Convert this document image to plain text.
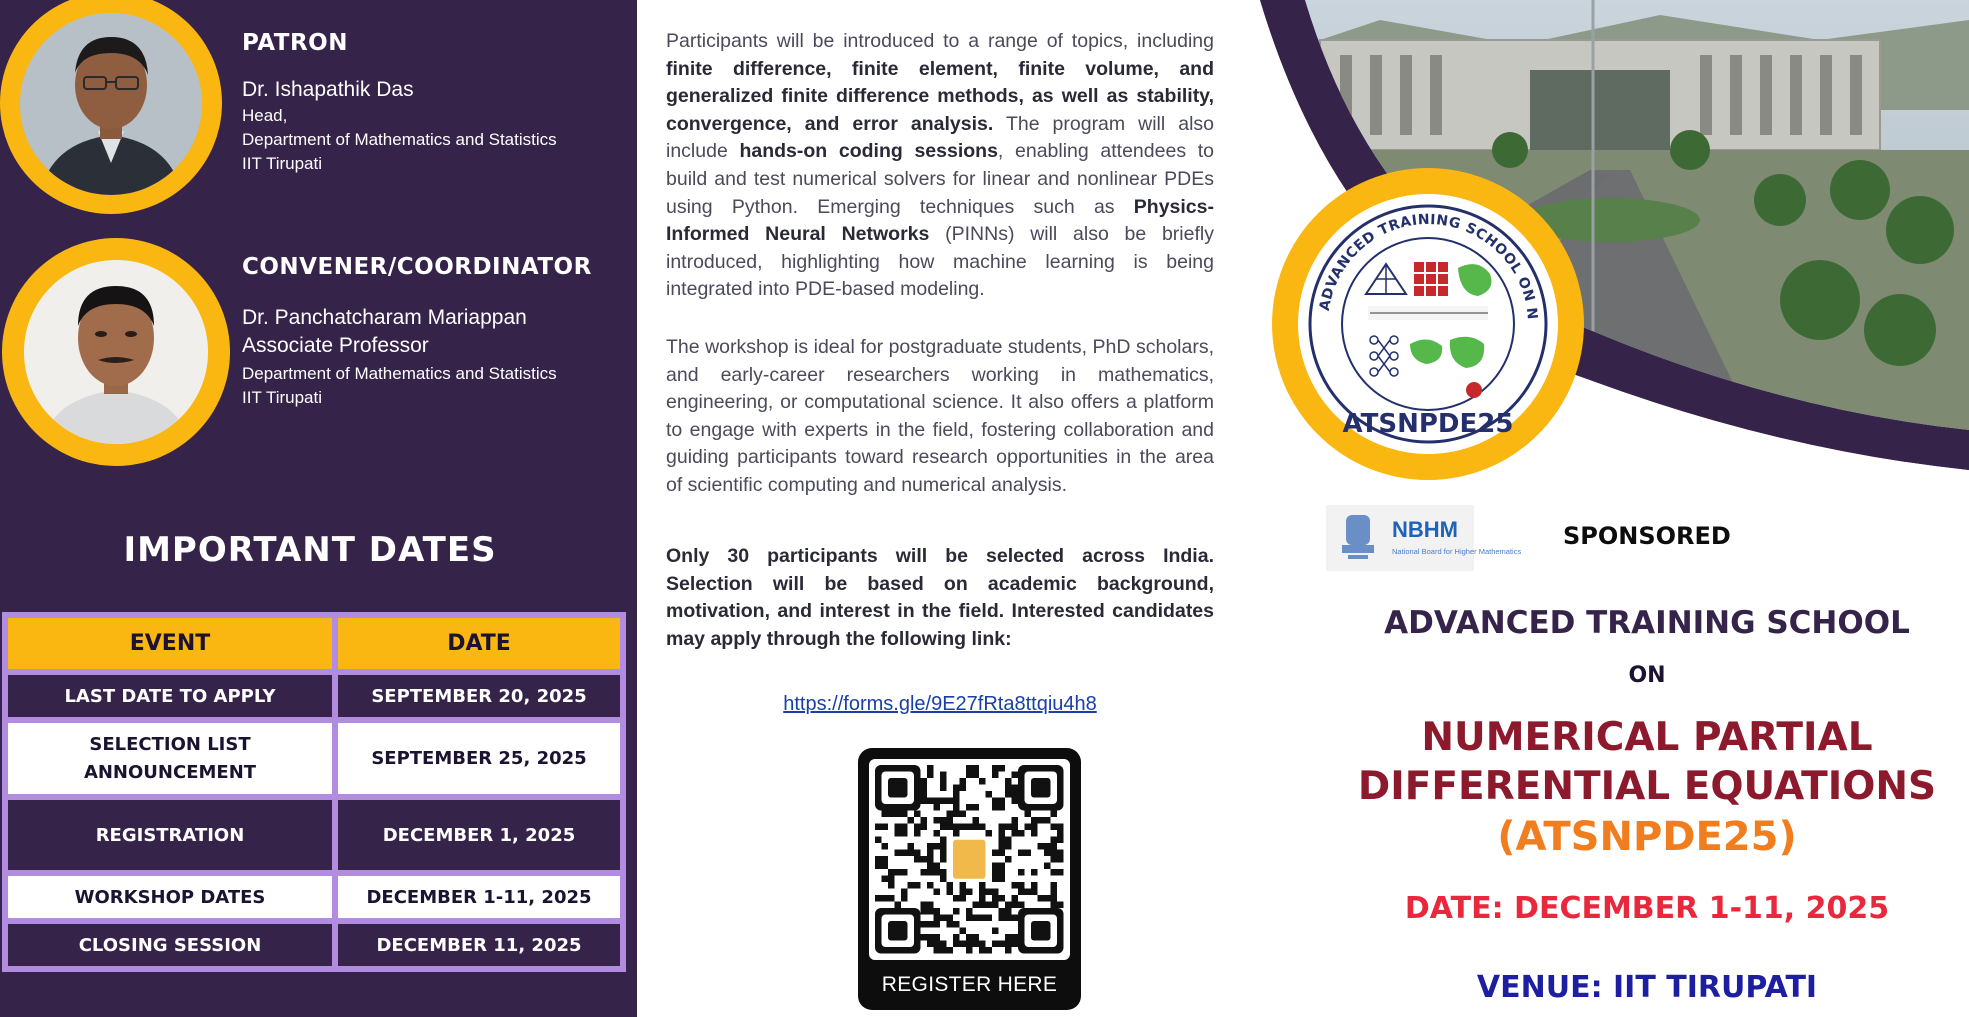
PATRON
Dr. Ishapathik Das
Head,
Department of Mathematics and Statistics
IIT Tirupati
CONVENER/COORDINATOR
Dr. Panchatcharam Mariappan
Associate Professor
Department of Mathematics and Statistics
IIT Tirupati
IMPORTANT DATES
EVENT	DATE
LAST DATE TO APPLY	SEPTEMBER 20, 2025
SELECTION LIST ANNOUNCEMENT	SEPTEMBER 25, 2025
REGISTRATION	DECEMBER 1, 2025
WORKSHOP DATES	DECEMBER 1-11, 2025
CLOSING SESSION	DECEMBER 11, 2025
Participants will be introduced to a range of topics, including finite difference, finite element, finite volume, and generalized finite difference methods, as well as stability, convergence, and error analysis. The program will also include hands-on coding sessions, enabling attendees to build and test numerical solvers for linear and nonlinear PDEs using Python. Emerging techniques such as Physics-Informed Neural Networks (PINNs) will also be briefly introduced, highlighting how machine learning is being integrated into PDE-based modeling.
The workshop is ideal for postgraduate students, PhD scholars, and early-career researchers working in mathematics, engineering, or computational science. It also offers a platform to engage with experts in the field, fostering collaboration and guiding participants toward research opportunities in the area of scientific computing and numerical analysis.
Only 30 participants will be selected across India. Selection will be based on academic background, motivation, and interest in the field. Interested candidates may apply through the following link:
https://forms.gle/9E27fRta8ttqiu4h8
REGISTER HERE
ADVANCED TRAINING SCHOOL ON N
ATSNPDE25
NBHM
National Board for Higher Mathematics
SPONSORED
ADVANCED TRAINING SCHOOL
ON
NUMERICAL PARTIAL
DIFFERENTIAL EQUATIONS
(ATSNPDE25)
DATE: DECEMBER 1-11, 2025
VENUE: IIT TIRUPATI
